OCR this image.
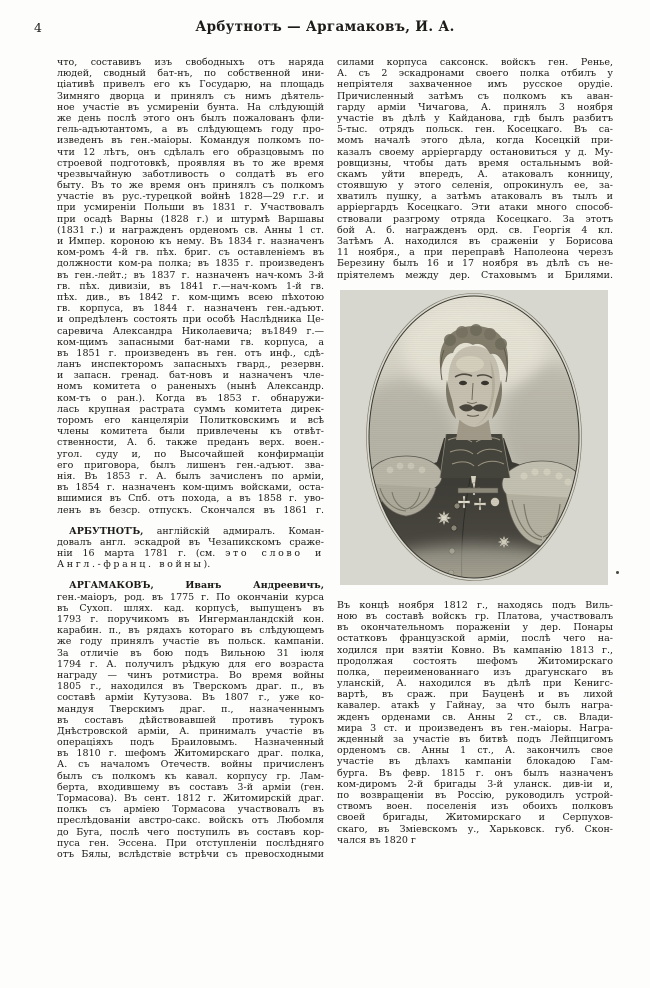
4	Арбутнотъ — Аргамаковъ, И. А.
что, составивъ изъ свободныхъ отъ наряда
людей, сводный бат-нъ, по собственной ини-
ціативѣ привелъ его къ Государю, на площадь
Зимняго дворца и принялъ съ нимъ дѣятель-
ное участіе въ усмиреніи бунта. На слѣдующій
же день послѣ этого онъ былъ пожалованъ фли-
гель-адъютантомъ, а въ слѣдующемъ году про-
изведенъ въ ген.-маіоры. Командуя полкомъ по-
чти 12 лѣтъ, онъ сдѣлалъ его образцовымъ по
строевой подготовкѣ, проявляя въ то же время
чрезвычайную заботливость о солдатѣ въ его
быту. Въ то же время онъ принялъ съ полкомъ
участіе въ рус.-турецкой войнѣ 1828—29 г.г. и
при усмиреніи Польши въ 1831 г. Участвовалъ
при осадѣ Варны (1828 г.) и штурмѣ Варшавы
(1831 г.) и награжденъ орденомъ св. Анны 1 ст.
и Импер. короною къ нему. Въ 1834 г. назначенъ
ком-ромъ 4-й гв. пѣх. бриг. съ оставленіемъ въ
должности ком-ра полка; въ 1835 г. произведенъ
въ ген.-лейт.; въ 1837 г. назначенъ нач-комъ 3-й
гв. пѣх. дивизіи, въ 1841 г.—нач-комъ 1-й гв.
пѣх. див., въ 1842 г. ком-щимъ всею пѣхотою
гв. корпуса, въ 1844 г. назначенъ ген.-адъют.
и опредѣленъ состоять при особѣ Наслѣдника Це-
саревича Александра Николаевича; въ1849 г.—
ком-щимъ запасными бат-нами гв. корпуса, а
въ 1851 г. произведенъ въ ген. отъ инф., сдѣ-
ланъ инспекторомъ запасныхъ гвард., резервн.
и запасн. гренад. бат-новъ и назначенъ чле-
номъ комитета о раненыхъ (нынѣ Александр.
ком-тъ о ран.). Когда въ 1853 г. обнаружи-
лась крупная растрата суммъ комитета дирек-
торомъ его канцеляріи Политковскимъ и всѣ
члены комитета были привлечены къ отвѣт-
ственности, А. б. также преданъ верх. воен.-
угол. суду и, по Высочайшей конфирмаціи
его приговора, былъ лишенъ ген.-адъют. зва-
нія. Въ 1853 г. А. былъ зачисленъ по арміи,
въ 1854 г. назначенъ ком-щимъ войсками, оста-
вшимися въ Спб. отъ похода, а въ 1858 г. уво-
ленъ въ безср. отпускъ. Скончался въ 1861 г.
АРБУТНОТЪ, англійскій адмиралъ. Коман-
довалъ англ. эскадрой въ Чезапикскомъ сраже-
ніи 16 марта 1781 г. (см. это слово и
Англ.-франц. войны).
АРГАМАКОВЪ, Иванъ Андреевичъ,
ген.-маіоръ, род. въ 1775 г. По окончаніи курса
въ Сухоп. шлях. кад. корпусѣ, выпущенъ въ
1793 г. поручикомъ въ Ингерманландскій кон.
карабин. п., въ рядахъ котораго въ слѣдующемъ
же году принялъ участіе въ польск. кампаніи.
За отличіе въ бою подъ Вильною 31 іюля
1794 г. А. получилъ рѣдкую для его возраста
награду — чинъ ротмистра. Во время войны
1805 г., находился въ Тверскомъ драг. п., въ
составѣ арміи Кутузова. Въ 1807 г., уже ко-
мандуя Тверскимъ драг. п., назначеннымъ
въ составъ дѣйствовавшей противъ турокъ
Днѣстровской арміи, А. принималъ участіе въ
операціяхъ подъ Браиловымъ. Назначенный
въ 1810 г. шефомъ Житомирскаго драг. полка,
А. съ началомъ Отечеств. войны причисленъ
былъ съ полкомъ къ кавал. корпусу гр. Лам-
берта, входившему въ составъ 3-й арміи (ген.
Тормасова). Въ сент. 1812 г. Житомирскій драг.
полкъ съ арміею Тормасова участвовалъ въ
преслѣдованіи австро-сакс. войскъ отъ Любомля
до Буга, послѣ чего поступилъ въ составъ кор-
пуса ген. Эссена. При отступленіи послѣдняго
отъ Бялы, вслѣдствіе встрѣчи съ превосходными
силами корпуса саксонск. войскъ ген. Ренье,
А. съ 2 эскадронами своего полка отбилъ у
непріятеля захваченное имъ русское орудіе.
Причисленный затѣмъ съ полкомъ къ аван-
гарду арміи Чичагова, А. принялъ 3 ноября
участіе въ дѣлѣ у Кайданова, гдѣ былъ разбитъ
5-тыс. отрядъ польск. ген. Косецкаго. Въ са-
момъ началѣ этого дѣла, когда Косецкій при-
казалъ своему арріергарду остановиться у д. Му-
ровщизны, чтобы дать время остальнымъ вой-
скамъ уйти впередъ, А. атаковалъ конницу,
стоявшую у этого селенія, опрокинулъ ее, за-
хватилъ пушку, а затѣмъ атаковалъ въ тылъ и
арріергардъ Косецкаго. Эти атаки много способ-
ствовали разгрому отряда Косецкаго. За этотъ
бой А. б. награжденъ орд. св. Георгія 4 кл.
Затѣмъ А. находился въ сраженіи у Борисова
11 ноября., а при переправѣ Наполеона черезъ
Березину былъ 16 и 17 ноября въ дѣлѣ съ не-
пріятелемъ между дер. Стаховымъ и Брилями.
Въ концѣ ноября 1812 г., находясь подъ Виль-
ною въ составѣ войскъ гр. Платова, участвовалъ
въ окончательномъ пораженіи у дер. Понары
остатковъ французской арміи, послѣ чего на-
ходился при взятіи Ковно. Въ кампанію 1813 г.,
продолжая состоять шефомъ Житомирскаго
полка, переименованнаго изъ драгунскаго въ
уланскій, А. находился въ дѣлѣ при Кенигс-
вартѣ, въ сраж. при Бауценѣ и въ лихой
кавалер. атакѣ у Гайнау, за что былъ награ-
жденъ орденами св. Анны 2 ст., св. Влади-
мира 3 ст. и произведенъ въ ген.-маіоры. Награ-
жденный за участіе въ битвѣ подъ Лейпцигомъ
орденомъ св. Анны 1 ст., А. закончилъ свое
участіе въ дѣлахъ кампаніи блокадою Гам-
бурга. Въ февр. 1815 г. онъ былъ назначенъ
ком-диромъ 2-й бригады 3-й уланск. див-іи и,
по возвращеніи въ Россію, руководилъ устрой-
ствомъ воен. поселенія изъ обоихъ полковъ
своей бригады, Житомирскаго и Серпухов-
скаго, въ Зміевскомъ у., Харьковск. губ. Скон-
чался въ 1820 г
